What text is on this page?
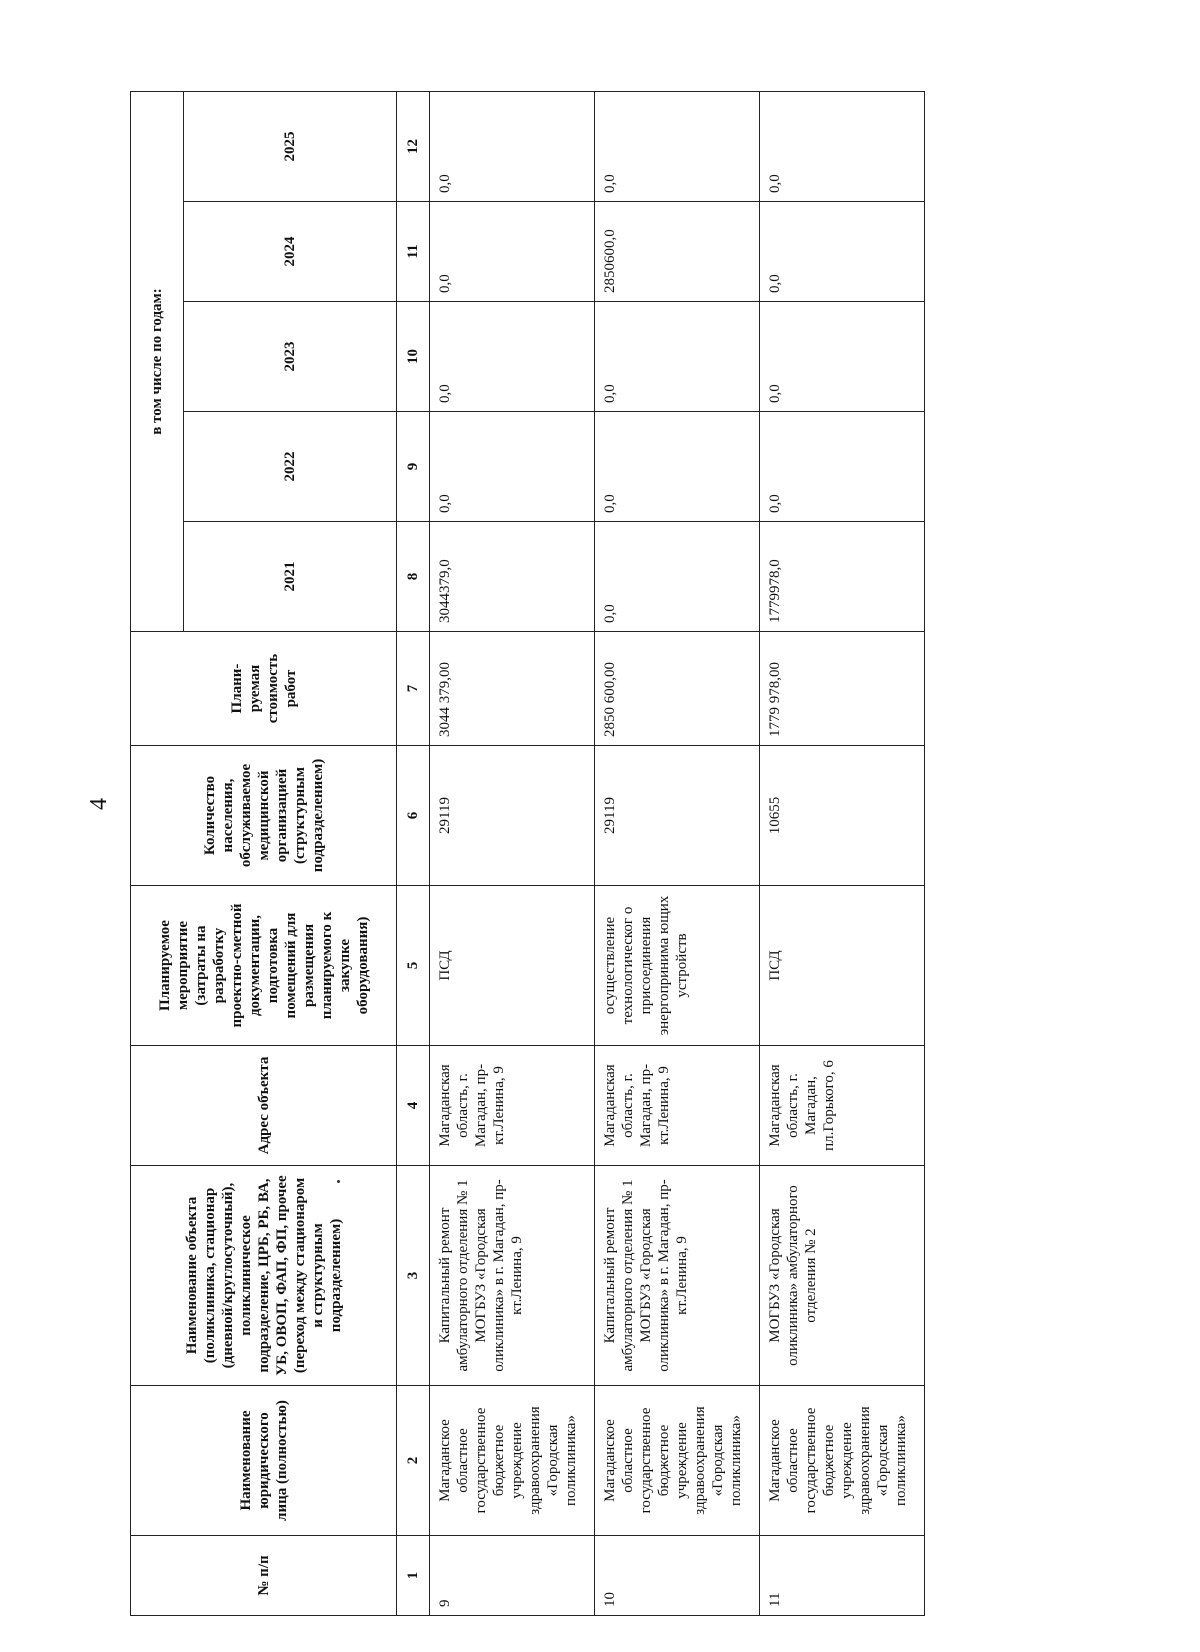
4
№ п/п	Наименование юридического лица (полностью)	Наименование объекта (поликлиника, стационар (дневной/круглосуточный), поликлиническое подразделение, ЦРБ, РБ, ВА, УБ, ОВОП, ФАП, ФП, прочее (переход между стационаром и структурным подразделением)	Адрес объекта	Планируемое мероприятие (затраты на разработку проектно-сметной документации, подготовка помещений для размещения планируемого к закупке оборудования)	Количество населения, обслуживаемое медицинской организацией (структурным подразделением)	Плани-руемая стоимость работ	в том числе по годам:				
							2021	2022	2023	2024	2025
1	2	3	4	5	6	7	8	9	10	11	12
9	Магаданское областное государственное бюджетное учреждение здравоохранения «Городская поликлиника»	Капитальный ремонт амбулаторного отделения № 1 МОГБУЗ «Городская оликлиника» в г. Магадан, пр-кт.Ленина, 9	Магаданская область, г. Магадан, пр-кт.Ленина, 9	ПСД	29119	3044 379,00	3044379,0	0,0	0,0	0,0	0,0
10	Магаданское областное государственное бюджетное учреждение здравоохранения «Городская поликлиника»	Капитальный ремонт амбулаторного отделения № 1 МОГБУЗ «Городская оликлиника» в г. Магадан, пр-кт.Ленина, 9	Магаданская область, г. Магадан, пр-кт.Ленина, 9	осуществление технологическог о присоединения энергопринима ющих устройств	29119	2850 600,00	0,0	0,0	0,0	2850600,0	0,0
11	Магаданское областное государственное бюджетное учреждение здравоохранения «Городская поликлиника»	МОГБУЗ «Городская оликлиника» амбулаторного отделения № 2	Магаданская область, г. Магадан, пл.Горького, 6	ПСД	10655	1779 978,00	1779978,0	0,0	0,0	0,0	0,0
